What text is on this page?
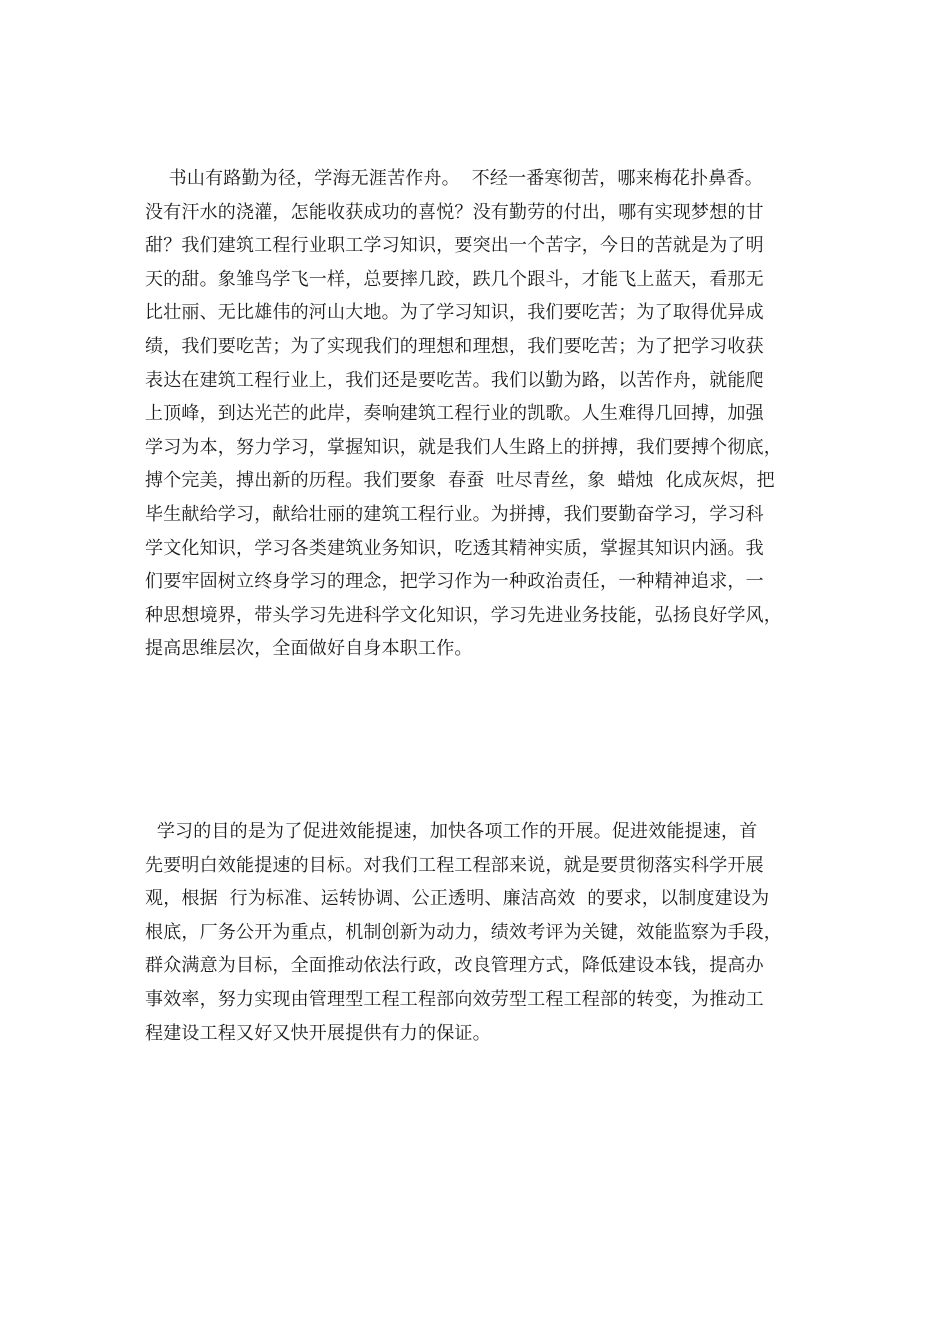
书山有路勤为径，学海无涯苦作舟。  不经一番寒彻苦，哪来梅花扑鼻香。
没有汗水的浇灌，怎能收获成功的喜悦？没有勤劳的付出，哪有实现梦想的甘
甜？我们建筑工程行业职工学习知识，要突出一个苦字，今日的苦就是为了明
天的甜。象雏鸟学飞一样，总要摔几跤，跌几个跟斗，才能飞上蓝天，看那无
比壮丽、无比雄伟的河山大地。为了学习知识，我们要吃苦；为了取得优异成
绩，我们要吃苦；为了实现我们的理想和理想，我们要吃苦；为了把学习收获
表达在建筑工程行业上，我们还是要吃苦。我们以勤为路，以苦作舟，就能爬
上顶峰，到达光芒的此岸，奏响建筑工程行业的凯歌。人生难得几回搏，加强
学习为本，努力学习，掌握知识，就是我们人生路上的拼搏，我们要搏个彻底，
搏个完美，搏出新的历程。我们要象  春蚕  吐尽青丝，象  蜡烛  化成灰烬，把
毕生献给学习，献给壮丽的建筑工程行业。为拼搏，我们要勤奋学习，学习科
学文化知识，学习各类建筑业务知识，吃透其精神实质，掌握其知识内涵。我
们要牢固树立终身学习的理念，把学习作为一种政治责任，一种精神追求，一
种思想境界，带头学习先进科学文化知识，学习先进业务技能，弘扬良好学风，
提高思维层次，全面做好自身本职工作。
学习的目的是为了促进效能提速，加快各项工作的开展。促进效能提速，首
先要明白效能提速的目标。对我们工程工程部来说，就是要贯彻落实科学开展
观，根据  行为标准、运转协调、公正透明、廉洁高效  的要求，以制度建设为
根底，厂务公开为重点，机制创新为动力，绩效考评为关键，效能监察为手段，
群众满意为目标，全面推动依法行政，改良管理方式，降低建设本钱，提高办
事效率，努力实现由管理型工程工程部向效劳型工程工程部的转变，为推动工
程建设工程又好又快开展提供有力的保证。
